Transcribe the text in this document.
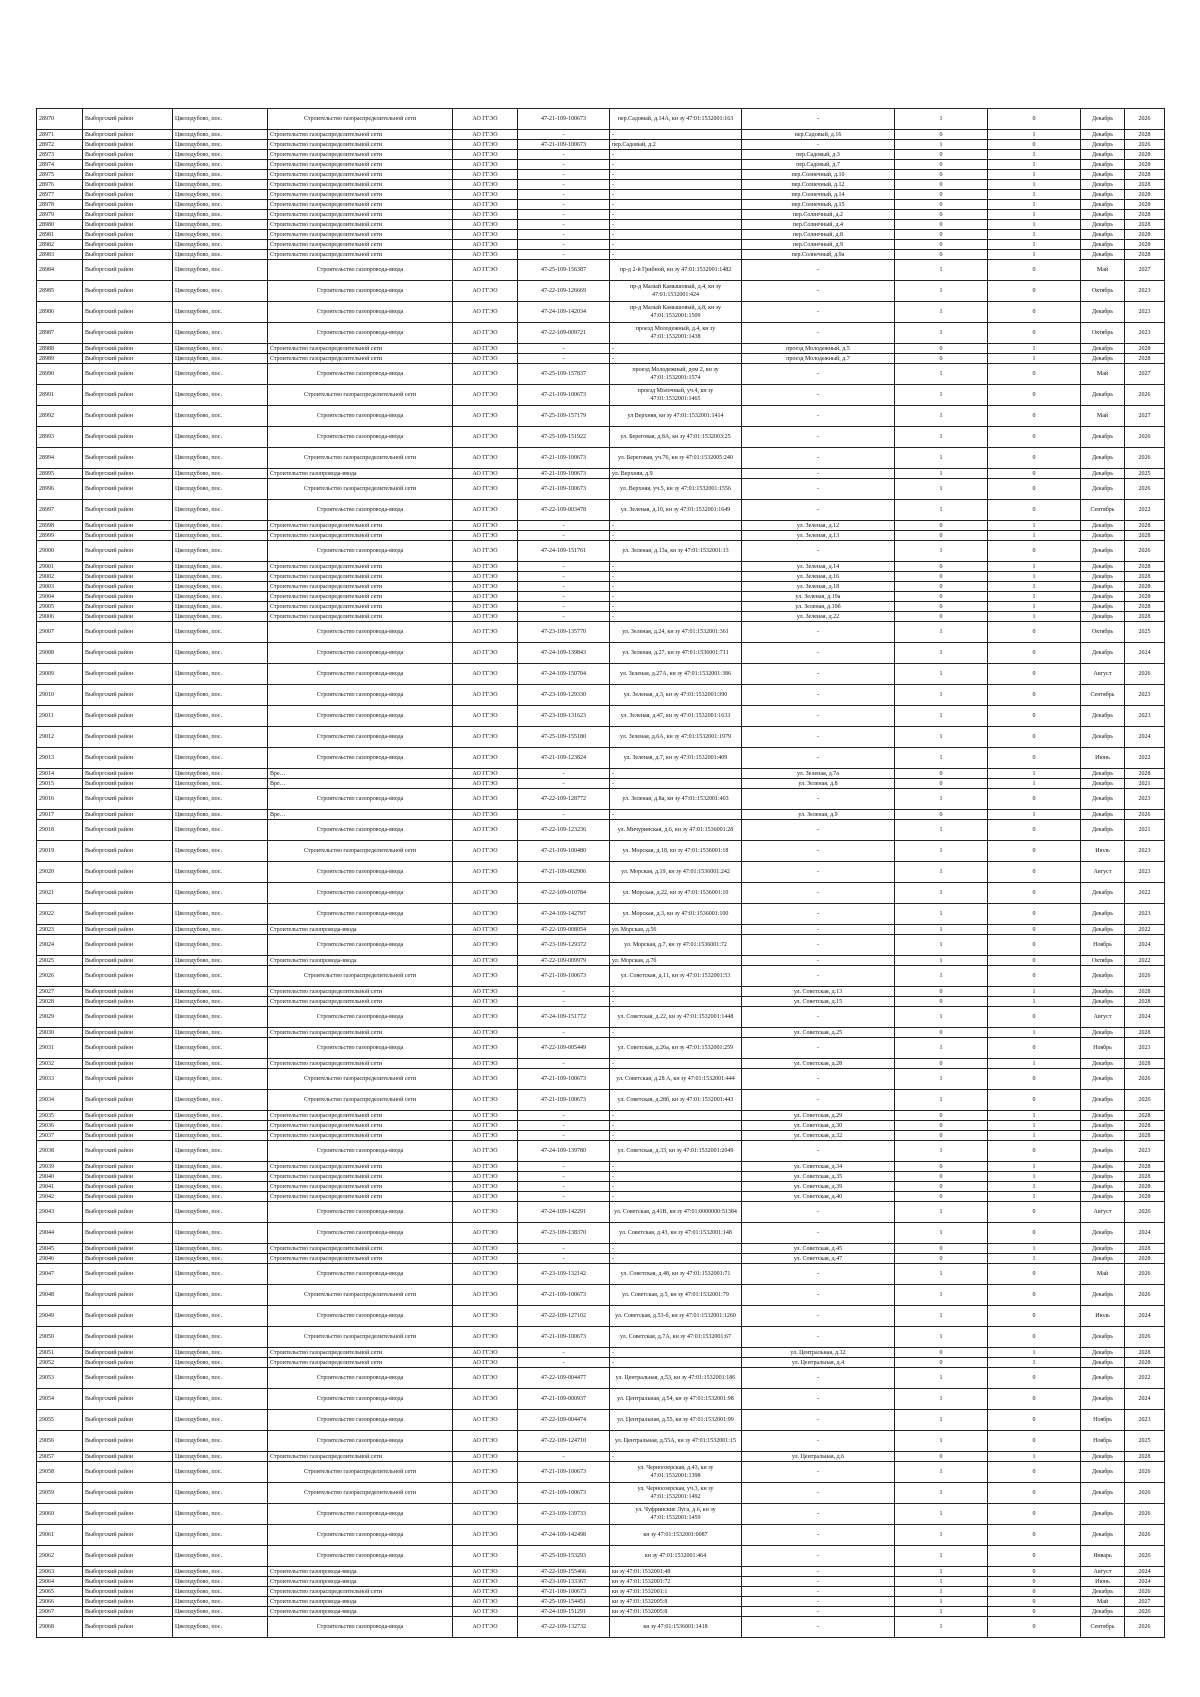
28970	Выборгский район	Цвелодубово, пос.	Строительство газораспределительной сети	АО ГГЭО	47-21-109-100673	пер.Садовый, д.14А, кн зу 47:01:1532001:163	-	1	0	Декабрь	2026
28971	Выборгский район	Цвелодубово, пос.	Строительство газораспределительной сети	АО ГГЭО	-	-	пер.Садовый, д.16	0	1	Декабрь	2028
28972	Выборгский район	Цвелодубово, пос.	Строительство газораспределительной сети	АО ГГЭО	47-21-109-100673	пер.Садовый, д.2	-	1	0	Декабрь	2026
28973	Выборгский район	Цвелодубово, пос.	Строительство газораспределительной сети	АО ГГЭО	-	-	пер.Садовый, д.3	0	1	Декабрь	2028
28974	Выборгский район	Цвелодубово, пос.	Строительство газораспределительной сети	АО ГГЭО	-	-	пер.Садовый, д.7	0	1	Декабрь	2028
28975	Выборгский район	Цвелодубово, пос.	Строительство газораспределительной сети	АО ГГЭО	-	-	пер.Солнечный, д.10	0	1	Декабрь	2028
28976	Выборгский район	Цвелодубово, пос.	Строительство газораспределительной сети	АО ГГЭО	-	-	пер.Солнечный, д.12	0	1	Декабрь	2028
28977	Выборгский район	Цвелодубово, пос.	Строительство газораспределительной сети	АО ГГЭО	-	-	пер.Солнечный, д.14	0	1	Декабрь	2028
28978	Выборгский район	Цвелодубово, пос.	Строительство газораспределительной сети	АО ГГЭО	-	-	пер.Солнечный, д.15	0	1	Декабрь	2028
28979	Выборгский район	Цвелодубово, пос.	Строительство газораспределительной сети	АО ГГЭО	-	-	пер.Солнечный, д.2	0	1	Декабрь	2028
28980	Выборгский район	Цвелодубово, пос.	Строительство газораспределительной сети	АО ГГЭО	-	-	пер.Солнечный, д.4	0	1	Декабрь	2028
28981	Выборгский район	Цвелодубово, пос.	Строительство газораспределительной сети	АО ГГЭО	-	-	пер.Солнечный, д.8	0	1	Декабрь	2028
28982	Выборгский район	Цвелодубово, пос.	Строительство газораспределительной сети	АО ГГЭО	-	-	пер.Солнечный, д.9	0	1	Декабрь	2028
28983	Выборгский район	Цвелодубово, пос.	Строительство газораспределительной сети	АО ГГЭО	-	-	пер.Солнечный, д.9а	0	1	Декабрь	2028
28984	Выборгский район	Цвелодубово, пос.	Строительство газопровода-ввода	АО ГГЭО	47-25-109-156387	пр-д 2-й Грибной, кн зу 47:01:1532001:1482	-	1	0	Май	2027
28985	Выборгский район	Цвелодубово, пос.	Строительство газопровода-ввода	АО ГГЭО	47-22-109-126669	пр-д Малый Камышовый, д.4, кн зу 47:01:1532001:424	-	1	0	Октябрь	2023
28986	Выборгский район	Цвелодубово, пос.	Строительство газопровода-ввода	АО ГГЭО	47-24-109-142034	пр-д Малый Камышовый, д.8, кн зу 47:01:1532001:1509	-	1	0	Декабрь	2023
28987	Выборгский район	Цвелодубово, пос.	Строительство газопровода-ввода	АО ГГЭО	47-22-109-009721	проезд Молодежный, д.4, кн зу 47:01:1532001:1438	-	1	0	Октябрь	2023
28988	Выборгский район	Цвелодубово, пос.	Строительство газораспределительной сети	АО ГГЭО	-	-	проезд Молодежный, д.5	0	1	Декабрь	2028
28989	Выборгский район	Цвелодубово, пос.	Строительство газораспределительной сети	АО ГГЭО	-	-	проезд Молодежный, д.7	0	1	Декабрь	2028
28990	Выборгский район	Цвелодубово, пос.	Строительство газопровода-ввода	АО ГГЭО	47-25-109-157837	проезд Молодежный, дом 2, кн зу 47:01:1532001:1574	-	1	0	Май	2027
28991	Выборгский район	Цвелодубово, пос.	Строительство газораспределительной сети	АО ГГЭО	47-21-109-100673	проезд Молочный, уч.4, кн зу 47:01:1532001:1465	-	1	0	Декабрь	2026
28992	Выборгский район	Цвелодубово, пос.	Строительство газопровода-ввода	АО ГГЭО	47-25-109-157179	ул Верхняя, кн зу 47:01:1532001:1414	-	1	0	Май	2027
28993	Выборгский район	Цвелодубово, пос.	Строительство газопровода-ввода	АО ГГЭО	47-25-109-151922	ул. Береговая, д.8А, кн зу 47:01:1532003:25	-	1	0	Декабрь	2026
28994	Выборгский район	Цвелодубово, пос.	Строительство газораспределительной сети	АО ГГЭО	47-21-109-100673	ул. Береговая, уч.76, кн зу 47:01:1532005:240	-	1	0	Декабрь	2026
28995	Выборгский район	Цвелодубово, пос.	Строительство газопровода-ввода	АО ГГЭО	47-21-109-100673	ул. Верхняя, д.9	-	1	0	Декабрь	2025
28996	Выборгский район	Цвелодубово, пос.	Строительство газораспределительной сети	АО ГГЭО	47-21-109-100673	ул. Верхняя, уч.5, кн зу 47:01:1532001:1556	-	1	0	Декабрь	2026
28997	Выборгский район	Цвелодубово, пос.	Строительство газопровода-ввода	АО ГГЭО	47-22-109-003478	ул. Зеленая, д.10, кн зу 47:01:1532001:1649	-	1	0	Сентябрь	2022
28998	Выборгский район	Цвелодубово, пос.	Строительство газораспределительной сети	АО ГГЭО	-	-	ул. Зеленая, д.12	0	1	Декабрь	2028
28999	Выборгский район	Цвелодубово, пос.	Строительство газораспределительной сети	АО ГГЭО	-	-	ул. Зеленая, д.13	0	1	Декабрь	2028
29000	Выборгский район	Цвелодубово, пос.	Строительство газопровода-ввода	АО ГГЭО	47-24-109-151761	ул. Зеленая, д.13а, кн зу 47:01:1532001:13	-	1	0	Декабрь	2026
29001	Выборгский район	Цвелодубово, пос.	Строительство газораспределительной сети	АО ГГЭО	-	-	ул. Зеленая, д.14	0	1	Декабрь	2028
29002	Выборгский район	Цвелодубово, пос.	Строительство газораспределительной сети	АО ГГЭО	-	-	ул. Зеленая, д.16	0	1	Декабрь	2028
29003	Выборгский район	Цвелодубово, пос.	Строительство газораспределительной сети	АО ГГЭО	-	-	ул. Зеленая, д.18	0	1	Декабрь	2028
29004	Выборгский район	Цвелодубово, пос.	Строительство газораспределительной сети	АО ГГЭО	-	-	ул. Зеленая, д.19а	0	1	Декабрь	2028
29005	Выборгский район	Цвелодубово, пос.	Строительство газораспределительной сети	АО ГГЭО	-	-	ул. Зеленая, д.19б	0	1	Декабрь	2028
29006	Выборгский район	Цвелодубово, пос.	Строительство газораспределительной сети	АО ГГЭО	-	-	ул. Зеленая, д.22	0	1	Декабрь	2028
29007	Выборгский район	Цвелодубово, пос.	Строительство газопровода-ввода	АО ГГЭО	47-23-109-135770	ул. Зеленая, д.24, кн зу 47:01:1532001:361	-	1	0	Октябрь	2025
29008	Выборгский район	Цвелодубово, пос.	Строительство газопровода-ввода	АО ГГЭО	47-24-109-139843	ул. Зеленая, д.27, кн зу 47:01:1536001:711	-	1	0	Декабрь	2024
29009	Выборгский район	Цвелодубово, пос.	Строительство газопровода-ввода	АО ГГЭО	47-24-109-150704	ул. Зеленая, д.27А, кн зу 47:01:1532001:386	-	1	0	Август	2026
29010	Выборгский район	Цвелодубово, пос.	Строительство газопровода-ввода	АО ГГЭО	47-23-109-129330	ул. Зеленая, д.3, кн зу 47:01:1532001:390	-	1	0	Сентябрь	2023
29011	Выборгский район	Цвелодубово, пос.	Строительство газопровода-ввода	АО ГГЭО	47-23-109-131623	ул. Зеленая, д.47, кн зу 47:01:1532001:1633	-	1	0	Декабрь	2023
29012	Выборгский район	Цвелодубово, пос.	Строительство газопровода-ввода	АО ГГЭО	47-25-109-155180	ул. Зеленая, д.6А, кн зу 47:01:1532001:1979	-	1	0	Декабрь	2024
29013	Выборгский район	Цвелодубово, пос.	Строительство газопровода-ввода	АО ГГЭО	47-21-109-123824	ул. Зеленая, д.7, кн зу 47:01:1532001:409	-	1	0	Июнь	2022
29014	Выборгский район	Цвелодубово, пос.	Вре…	АО ГГЭО	-	-	ул. Зеленая, д.7а	0	1	Декабрь	2028
29015	Выборгский район	Цвелодубово, пос.	Вре…	АО ГГЭО	-	-	ул. Зеленая, д.8	0	1	Декабрь	2021
29016	Выборгский район	Цвелодубово, пос.	Строительство газопровода-ввода	АО ГГЭО	47-22-109-128772	ул. Зеленая, д.8а, кн зу 47:01:1532001:403	-	1	0	Декабрь	2023
29017	Выборгский район	Цвелодубово, пос.	Вре…	АО ГГЭО	-	-	ул. Зеленая, д.9	0	1	Декабрь	2026
29018	Выборгский район	Цвелодубово, пос.	Строительство газопровода-ввода	АО ГГЭО	47-22-109-123236	ул. Мичуринская, д.6, кн зу 47:01:1536001:28	-	1	0	Декабрь	2021
29019	Выборгский район	Цвелодубово, пос.	Строительство газораспределительной сети	АО ГГЭО	47-21-109-100480	ул. Морская, д.18, кн зу 47:01:1536001:18	-	1	0	Июль	2023
29020	Выборгский район	Цвелодубово, пос.	Строительство газопровода-ввода	АО ГГЭО	47-21-109-002906	ул. Морская, д.19, кн зу 47:01:1536001:242	-	1	0	Август	2023
29021	Выборгский район	Цвелодубово, пос.	Строительство газопровода-ввода	АО ГГЭО	47-22-109-010784	ул. Морская, д.22, кн зу 47:01:1536001:10	-	1	0	Декабрь	2022
29022	Выборгский район	Цвелодубово, пос.	Строительство газопровода-ввода	АО ГГЭО	47-24-109-142797	ул. Морская, д.3, кн зу 47:01:1536001:100	-	1	0	Декабрь	2023
29023	Выборгский район	Цвелодубово, пос.	Строительство газопровода-ввода	АО ГГЭО	47-22-109-008054	ул. Морская, д.56	-	1	0	Декабрь	2022
29024	Выборгский район	Цвелодубово, пос.	Строительство газопровода-ввода	АО ГГЭО	47-23-109-129372	ул. Морская, д.7, кн зу 47:01:1536001:72	-	1	0	Ноябрь	2024
29025	Выборгский район	Цвелодубово, пос.	Строительство газопровода-ввода	АО ГГЭО	47-22-109-009979	ул. Морская, д.7б	-	1	0	Октябрь	2022
29026	Выборгский район	Цвелодубово, пос.	Строительство газораспределительной сети	АО ГГЭО	47-21-109-100673	ул. Советская, д.11, кн зу 47:01:1532001:53	-	1	0	Декабрь	2026
29027	Выборгский район	Цвелодубово, пос.	Строительство газораспределительной сети	АО ГГЭО	-	-	ул. Советская, д.13	0	1	Декабрь	2028
29028	Выборгский район	Цвелодубово, пос.	Строительство газораспределительной сети	АО ГГЭО	-	-	ул. Советская, д.15	0	1	Декабрь	2028
29029	Выборгский район	Цвелодубово, пос.	Строительство газопровода-ввода	АО ГГЭО	47-24-109-151772	ул. Советская, д.22, кн зу 47:01:1532001:1448	-	1	0	Август	2024
29030	Выборгский район	Цвелодубово, пос.	Строительство газораспределительной сети	АО ГГЭО	-	-	ул. Советская, д.25	0	1	Декабрь	2028
29031	Выборгский район	Цвелодубово, пос.	Строительство газопровода-ввода	АО ГГЭО	47-22-109-005449	ул. Советская, д.26а, кн зу 47:01:1532001:259	-	1	0	Ноябрь	2023
29032	Выборгский район	Цвелодубово, пос.	Строительство газораспределительной сети	АО ГГЭО	-	-	ул. Советская, д.28	0	1	Декабрь	2028
29033	Выборгский район	Цвелодубово, пос.	Строительство газораспределительной сети	АО ГГЭО	47-21-109-100673	ул. Советская, д.28 А, кн зу 47:01:1532001:444	-	1	0	Декабрь	2026
29034	Выборгский район	Цвелодубово, пос.	Строительство газораспределительной сети	АО ГГЭО	47-21-109-100673	ул. Советская, д.28б, кн зу 47:01:1532001:443	-	1	0	Декабрь	2026
29035	Выборгский район	Цвелодубово, пос.	Строительство газораспределительной сети	АО ГГЭО	-	-	ул. Советская, д.29	0	1	Декабрь	2028
29036	Выборгский район	Цвелодубово, пос.	Строительство газораспределительной сети	АО ГГЭО	-	-	ул. Советская, д.30	0	1	Декабрь	2028
29037	Выборгский район	Цвелодубово, пос.	Строительство газораспределительной сети	АО ГГЭО	-	-	ул. Советская, д.32	0	1	Декабрь	2028
29038	Выборгский район	Цвелодубово, пос.	Строительство газопровода-ввода	АО ГГЭО	47-24-109-139780	ул. Советская, д.33, кн зу 47:01:1532001:2049	-	1	0	Декабрь	2023
29039	Выборгский район	Цвелодубово, пос.	Строительство газораспределительной сети	АО ГГЭО	-	-	ул. Советская, д.34	0	1	Декабрь	2028
29040	Выборгский район	Цвелодубово, пос.	Строительство газораспределительной сети	АО ГГЭО	-	-	ул. Советская, д.35	0	1	Декабрь	2028
29041	Выборгский район	Цвелодубово, пос.	Строительство газораспределительной сети	АО ГГЭО	-	-	ул. Советская, д.39	0	1	Декабрь	2028
29042	Выборгский район	Цвелодубово, пос.	Строительство газораспределительной сети	АО ГГЭО	-	-	ул. Советская, д.40	0	1	Декабрь	2028
29043	Выборгский район	Цвелодубово, пос.	Строительство газопровода-ввода	АО ГГЭО	47-24-109-142291	ул. Советская, д.41В, кн зу 47:01:0000000:51384	-	1	0	Август	2026
29044	Выборгский район	Цвелодубово, пос.	Строительство газопровода-ввода	АО ГГЭО	47-23-109-138370	ул. Советская, д.43, кн зу 47:01:1532001:148	-	1	0	Декабрь	2024
29045	Выборгский район	Цвелодубово, пос.	Строительство газораспределительной сети	АО ГГЭО	-	-	ул. Советская, д.45	0	1	Декабрь	2028
29046	Выборгский район	Цвелодубово, пос.	Строительство газораспределительной сети	АО ГГЭО	-	-	ул. Советская, д.47	0	1	Декабрь	2028
29047	Выборгский район	Цвелодубово, пос.	Строительство газопровода-ввода	АО ГГЭО	47-23-109-132142	ул. Советская, д.48, кн зу 47:01:1532001:71	-	1	0	Май	2026
29048	Выборгский район	Цвелодубово, пос.	Строительство газораспределительной сети	АО ГГЭО	47-21-109-100673	ул. Советская, д.5, кн зу 47:01:1532001:79	-	1	0	Декабрь	2026
29049	Выборгский район	Цвелодубово, пос.	Строительство газопровода-ввода	АО ГГЭО	47-22-109-127102	ул. Советская, д.53-б, кн зу 47:01:1532001:1260	-	1	0	Июль	2024
29050	Выборгский район	Цвелодубово, пос.	Строительство газораспределительной сети	АО ГГЭО	47-21-109-100673	ул. Советская, д.7А, кн зу 47:01:1532001:67	-	1	0	Декабрь	2026
29051	Выборгский район	Цвелодубово, пос.	Строительство газораспределительной сети	АО ГГЭО	-	-	ул. Центральная, д.12	0	1	Декабрь	2028
29052	Выборгский район	Цвелодубово, пос.	Строительство газораспределительной сети	АО ГГЭО	-	-	ул. Центральная, д.4	0	1	Декабрь	2028
29053	Выборгский район	Цвелодубово, пос.	Строительство газопровода-ввода	АО ГГЭО	47-22-109-004477	ул. Центральная, д.53, кн зу 47:01:1532001:186	-	1	0	Декабрь	2022
29054	Выборгский район	Цвелодубово, пос.	Строительство газопровода-ввода	АО ГГЭО	47-21-109-000937	ул. Центральная, д.54, кн зу 47:01:1532001:98	-	1	0	Декабрь	2024
29055	Выборгский район	Цвелодубово, пос.	Строительство газопровода-ввода	АО ГГЭО	47-22-109-004474	ул. Центральная, д.55, кн зу 47:01:1532001:99	-	1	0	Ноябрь	2023
29056	Выборгский район	Цвелодубово, пос.	Строительство газопровода-ввода	АО ГГЭО	47-22-109-124710	ул. Центральная, д.55А, кн зу 47:01:1532001:15	-	1	0	Ноябрь	2025
29057	Выборгский район	Цвелодубово, пос.	Строительство газораспределительной сети	АО ГГЭО	-	-	ул. Центральная, д.6	0	1	Декабрь	2028
29058	Выборгский район	Цвелодубово, пос.	Строительство газораспределительной сети	АО ГГЭО	47-21-109-100673	ул. Черноозерская, д.43, кн зу 47:01:1532001:1398	-	1	0	Декабрь	2026
29059	Выборгский район	Цвелодубово, пос.	Строительство газораспределительной сети	АО ГГЭО	47-21-109-100673	ул. Черноозерская, уч.3, кн зу 47:01:1532001:1492	-	1	0	Декабрь	2026
29060	Выборгский район	Цвелодубово, пос.	Строительство газопровода-ввода	АО ГГЭО	47-23-109-139733	ул. Чуфринские Луга, д.6, кн зу 47:01:1532001:1459	-	1	0	Декабрь	2026
29061	Выборгский район	Цвелодубово, пос.	Строительство газопровода-ввода	АО ГГЭО	47-24-109-142498	кн зу 47:01:1532001:0087	-	1	0	Декабрь	2026
29062	Выборгский район	Цвелодубово, пос.	Строительство газопровода-ввода	АО ГГЭО	47-25-109-153293	кн зу 47:01:1532001:464	-	1	0	Январь	2026
29063	Выборгский район	Цвелодубово, пос.	Строительство газопровода-ввода	АО ГГЭО	47-22-109-155466	кн зу 47:01:1532001:48	-	1	0	Август	2024
29064	Выборгский район	Цвелодубово, пос.	Строительство газопровода-ввода	АО ГГЭО	47-23-109-133367	кн зу 47:01:1532001:72	-	1	0	Июнь	2024
29065	Выборгский район	Цвелодубово, пос.	Строительство газораспределительной сети	АО ГГЭО	47-21-109-100673	кн зу 47:01:1532001:1	-	1	0	Декабрь	2026
29066	Выборгский район	Цвелодубово, пос.	Строительство газопровода-ввода	АО ГГЭО	47-25-109-154451	кн зу 47:01:1532005:8	-	1	0	Май	2027
29067	Выборгский район	Цвелодубово, пос.	Строительство газопровода-ввода	АО ГГЭО	47-24-109-151291	кн зу 47:01:1532005:8	-	1	0	Декабрь	2026
29068	Выборгский район	Цвелодубово, пос.	Строительство газопровода-ввода	АО ГГЭО	47-22-109-132732	кн зу 47:01:1536001:1418	-	1	0	Сентябрь	2026
